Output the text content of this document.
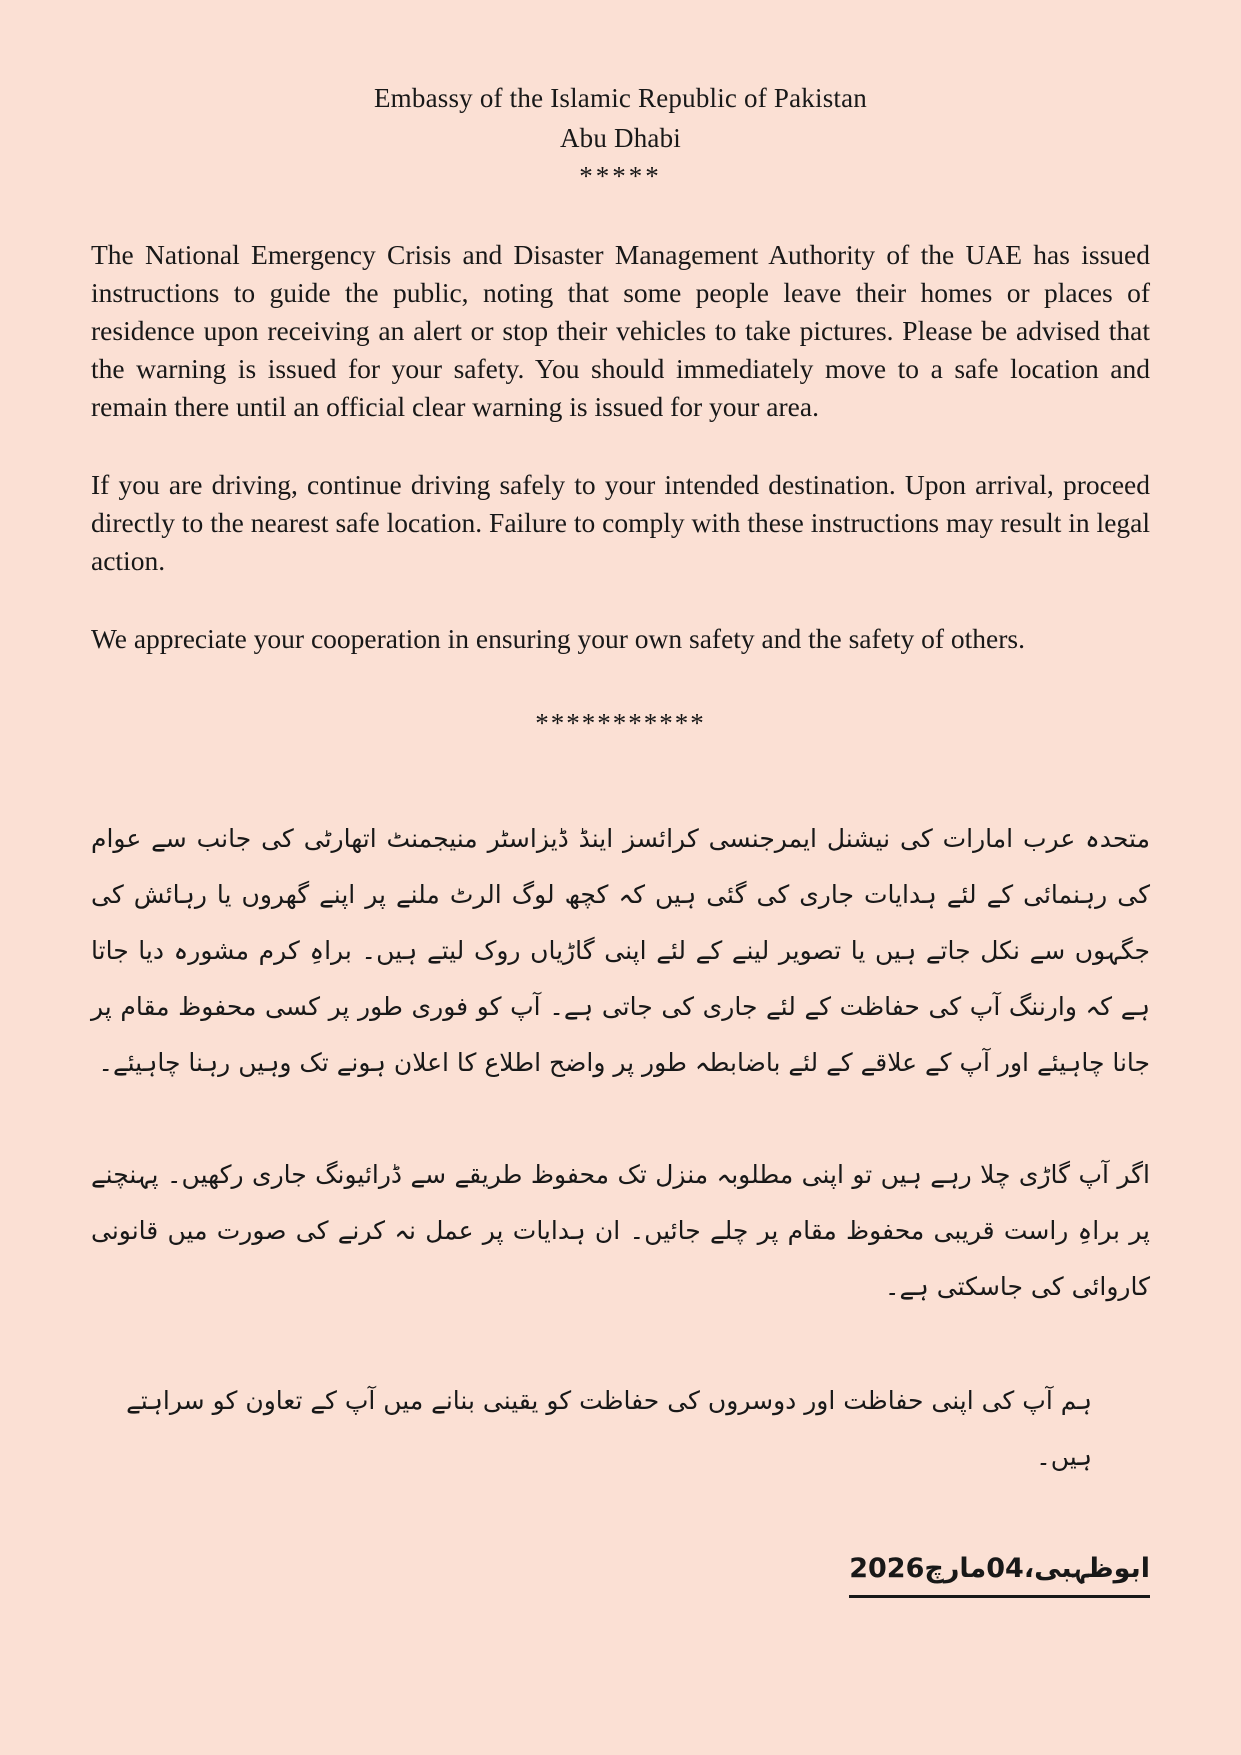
Embassy of the Islamic Republic of Pakistan
Abu Dhabi
*****

The National Emergency Crisis and Disaster Management Authority of the UAE has issued instructions to guide the public, noting that some people leave their homes or places of residence upon receiving an alert or stop their vehicles to take pictures. Please be advised that the warning is issued for your safety. You should immediately move to a safe location and remain there until an official clear warning is issued for your area.

If you are driving, continue driving safely to your intended destination. Upon arrival, proceed directly to the nearest safe location. Failure to comply with these instructions may result in legal action.

We appreciate your cooperation in ensuring your own safety and the safety of others.

***********

متحدہ عرب امارات کی نیشنل ایمرجنسی کرائسز اینڈ ڈیزاسٹر منیجمنٹ اتھارٹی کی جانب سے عوام کی رہنمائی کے لئے ہدایات جاری کی گئی ہیں کہ کچھ لوگ الرٹ ملنے پر اپنے گھروں یا رہائش کی جگہوں سے نکل جاتے ہیں یا تصویر لینے کے لئے اپنی گاڑیاں روک لیتے ہیں۔ براہِ کرم مشورہ دیا جاتا ہے کہ وارننگ آپ کی حفاظت کے لئے جاری کی جاتی ہے۔ آپ کو فوری طور پر کسی محفوظ مقام پر جانا چاہیئے اور آپ کے علاقے کے لئے باضابطہ طور پر واضح اطلاع کا اعلان ہونے تک وہیں رہنا چاہیئے۔

اگر آپ گاڑی چلا رہے ہیں تو اپنی مطلوبہ منزل تک محفوظ طریقے سے ڈرائیونگ جاری رکھیں۔ پہنچنے پر براہِ راست قریبی محفوظ مقام پر چلے جائیں۔ ان ہدایات پر عمل نہ کرنے کی صورت میں قانونی کاروائی کی جاسکتی ہے۔

ہم آپ کی اپنی حفاظت اور دوسروں کی حفاظت کو یقینی بنانے میں آپ کے تعاون کو سراہتے ہیں۔

ابوظہبی،04مارچ2026
